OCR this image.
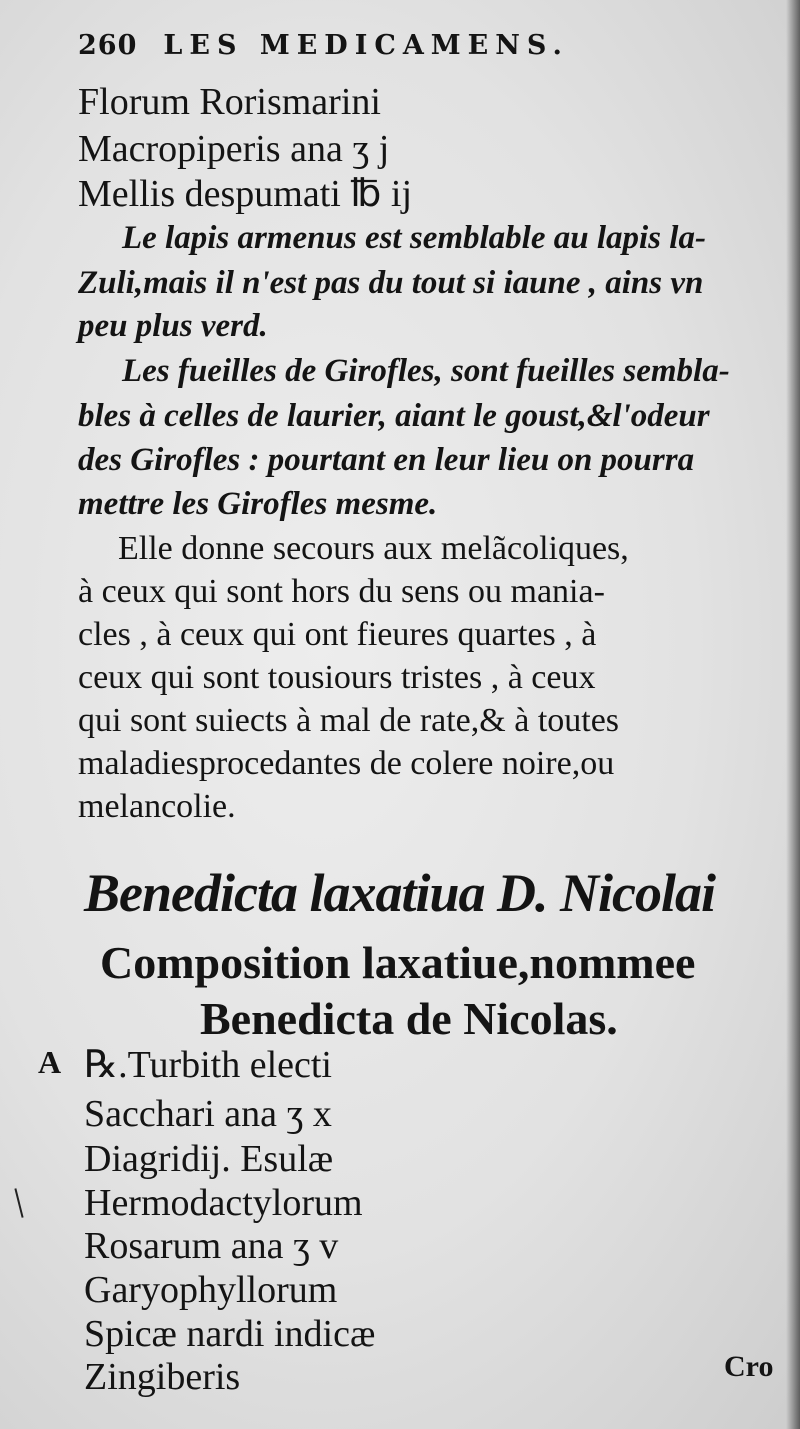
260 LES MEDICAMENS.
Florum Rorismarini
Macropiperis ana ʒ j
Mellis despumati ℔ ij
Le lapis armenus est semblable au lapis la-
Zuli,mais il n'est pas du tout si iaune , ains vn
peu plus verd.
Les fueilles de Girofles, sont fueilles sembla-
bles à celles de laurier, aiant le goust,&l'odeur
des Girofles : pourtant en leur lieu on pourra
mettre les Girofles mesme.
Elle donne secours aux melãcoliques,
à ceux qui sont hors du sens ou mania-
cles , à ceux qui ont fieures quartes , à
ceux qui sont tousiours tristes , à ceux
qui sont suiects à mal de rate,& à toutes
maladiesprocedantes de colere noire,ou
melancolie.
Benedicta laxatiua D. Nicolai
Composition laxatiue,nommee
Benedicta de Nicolas.
A ℞.Turbith electi
Sacchari ana ʒ x
Diagridij. Esulæ
Hermodactylorum
Rosarum ana ʒ v
Garyophyllorum
Spicæ nardi indicæ
Zingiberis	Cro
